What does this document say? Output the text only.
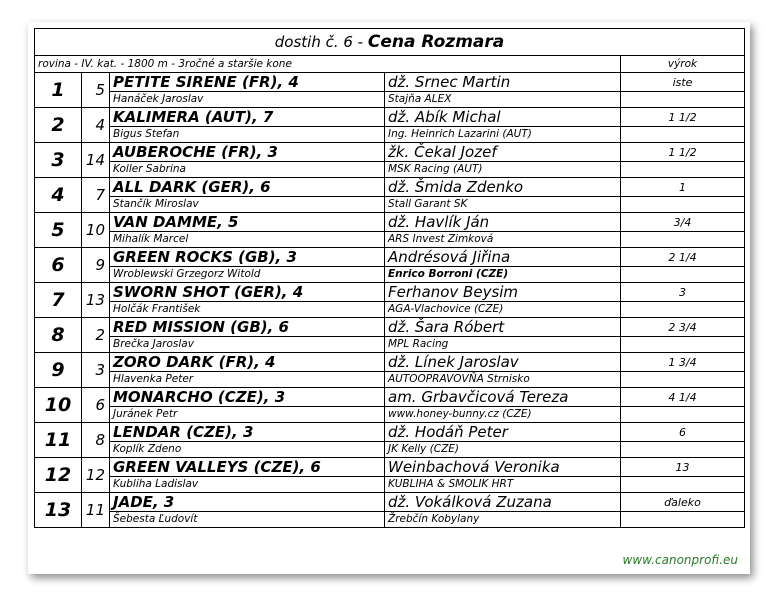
dostih č. 6 - Cena Rozmara				
rovina - IV. kat. - 1800 m - 3ročné a staršie kone				výrok
1	5	PETITE SIRENE (FR), 4	dž. Srnec Martin	iste
		Hanáček Jaroslav	Stajňa ALEX	
2	4	KALIMERA (AUT), 7	dž. Abík Michal	1 1/2
		Bigus Stefan	Ing. Heinrich Lazarini (AUT)	
3	14	AUBEROCHE (FR), 3	žk. Čekal Jozef	1 1/2
		Koller Sabrina	MSK Racing (AUT)	
4	7	ALL DARK (GER), 6	dž. Šmida Zdenko	1
		Stančík Miroslav	Stall Garant SK	
5	10	VAN DAMME, 5	dž. Havlík Ján	3/4
		Mihalík Marcel	ARS Invest Zimková	
6	9	GREEN ROCKS (GB), 3	Andrésová Jiřina	2 1/4
		Wroblewski Grzegorz Witold	Enrico Borroni (CZE)	
7	13	SWORN SHOT (GER), 4	Ferhanov Beysim	3
		Holčák František	AGA-Vlachovice (CZE)	
8	2	RED MISSION (GB), 6	dž. Šara Róbert	2 3/4
		Brečka Jaroslav	MPL Racing	
9	3	ZORO DARK (FR), 4	dž. Línek Jaroslav	1 3/4
		Hlavenka Peter	AUTOOPRAVOVŇA Strnisko	
10	6	MONARCHO (CZE), 3	am. Grbavčicová Tereza	4 1/4
		Juránek Petr	www.honey-bunny.cz (CZE)	
11	8	LENDAR (CZE), 3	dž. Hodáň Peter	6
		Koplík Zdeno	JK Kelly (CZE)	
12	12	GREEN VALLEYS (CZE), 6	Weinbachová Veronika	13
		Kubliha Ladislav	KUBLIHA & SMOLIK HRT	
13	11	JADE, 3	dž. Vokálková Zuzana	ďaleko
		Šebesta Ľudovít	Žrebčín Kobylany	
www.canonprofi.eu
